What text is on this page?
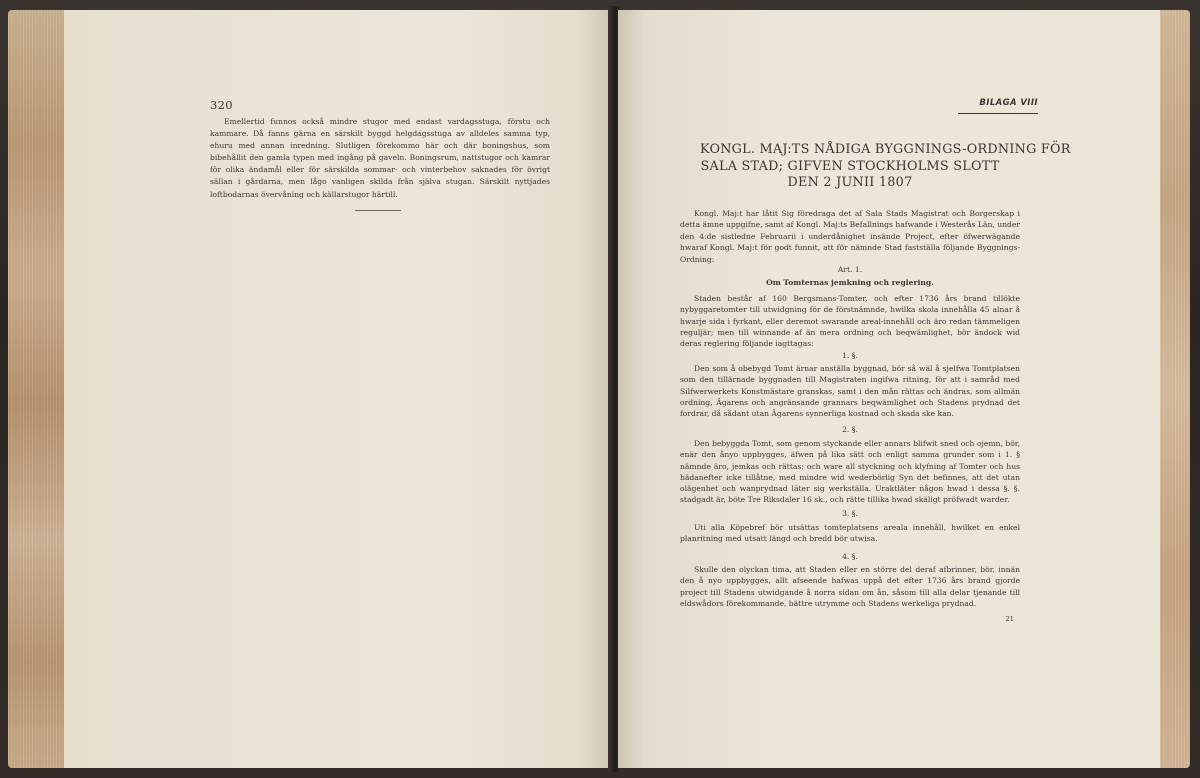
320

Emellertid funnos också mindre stugor med endast vardagsstuga, förstu och kammare. Då fanns gärna en särskilt byggd helgdagsstuga av alldeles samma typ, ehuru med annan inredning. Slutligen förekommo här och där boningshus, som bibehållit den gamla typen med ingång på gaveln. Boningsrum, nattstugor och kamrar för olika ändamål eller för särskilda sommar- och vinterbehov saknades för övrigt sällan i gårdarna, men lågo vanligen skilda från själva stugan. Särskilt nyttjades loftbodarnas övervåning och källarstugor härtill.

BILAGA VIII
KONGL. MAJ:TS NÅDIGA BYGGNINGS-ORDNING FÖR
SALA STAD; GIFVEN STOCKHOLMS SLOTT
DEN 2 JUNII 1807

Kongl. Maj:t har låtit Sig föredraga det af Sala Stads Magistrat och Borgerskap i detta ämne uppgifne, samt af Kongl. Maj:ts Befallnings hafwande i Westerås Län, under den 4:de sistledne Februarii i underdånighet insände Project, efter öfwerwägande hwaraf Kongl. Maj:t för godt funnit, att för nämnde Stad fastställa följande Byggnings-Ordning:

Art. 1.
Om Tomternas jemkning och reglering.

Staden består af 160 Bergsmans-Tomter, och efter 1736 års brand tillökte nybyggaretomter till utwidgning för de förstnämnde, hwilka skola innehålla 45 alnar å hwarje sida i fyrkant, eller deremot swarande areal-innehåll och äro redan tämmeligen reguljär; men till winnande af än mera ordning och beqwämlighet, bör ändock wid deras reglering följande iagttagas:

1. §.

Den som å obebygd Tomt ärnar anställa byggnad, bör så wäl å sjelfwa Tomtplatsen som den tillärnade byggnaden till Magistraten ingifwa ritning, för att i samråd med Silfwerwerkets Konstmästare granskas, samt i den mån rättas och ändras, som allmän ordning, Ägarens och angränsande grannars beqwämlighet och Stadens prydnad det fordrar, då sådant utan Ägarens synnerliga kostnad och skada ske kan.

2. §.

Den bebyggda Tomt, som genom styckande eller annars blifwit sned och ojemn, bör, enär den ånyo uppbygges, äfwen på lika sätt och enligt samma grunder som i 1. § nämnde äro, jemkas och rättas; och ware all styckning och klyfning af Tomter och hus hädanefter icke tillåtne, med mindre wid wederbörlig Syn det befinnes, att det utan olägenhet och wanprydnad läter sig werkställa. Uraktläter någon hwad i dessa §. §. stadgadt är, böte Tre Riksdaler 16 sk., och rätte tillika hwad skäligt pröfwadt warder.

3. §.

Uti alla Köpebref bör utsättas tomteplatsens areala innehåll, hwilket en enkel planritning med utsatt längd och bredd bör utwisa.

4. §.

Skulle den olyckan tima, att Staden eller en större del deraf afbrinner, bör, innän den å nyo uppbygges, allt afseende hafwas uppå det efter 1736 års brand gjorde project till Stadens utwidgande å norra sidan om ån, såsom till alla delar tjenande till eldswådors förekommande, bättre utrymme och Stadens werkeliga prydnad.

21
